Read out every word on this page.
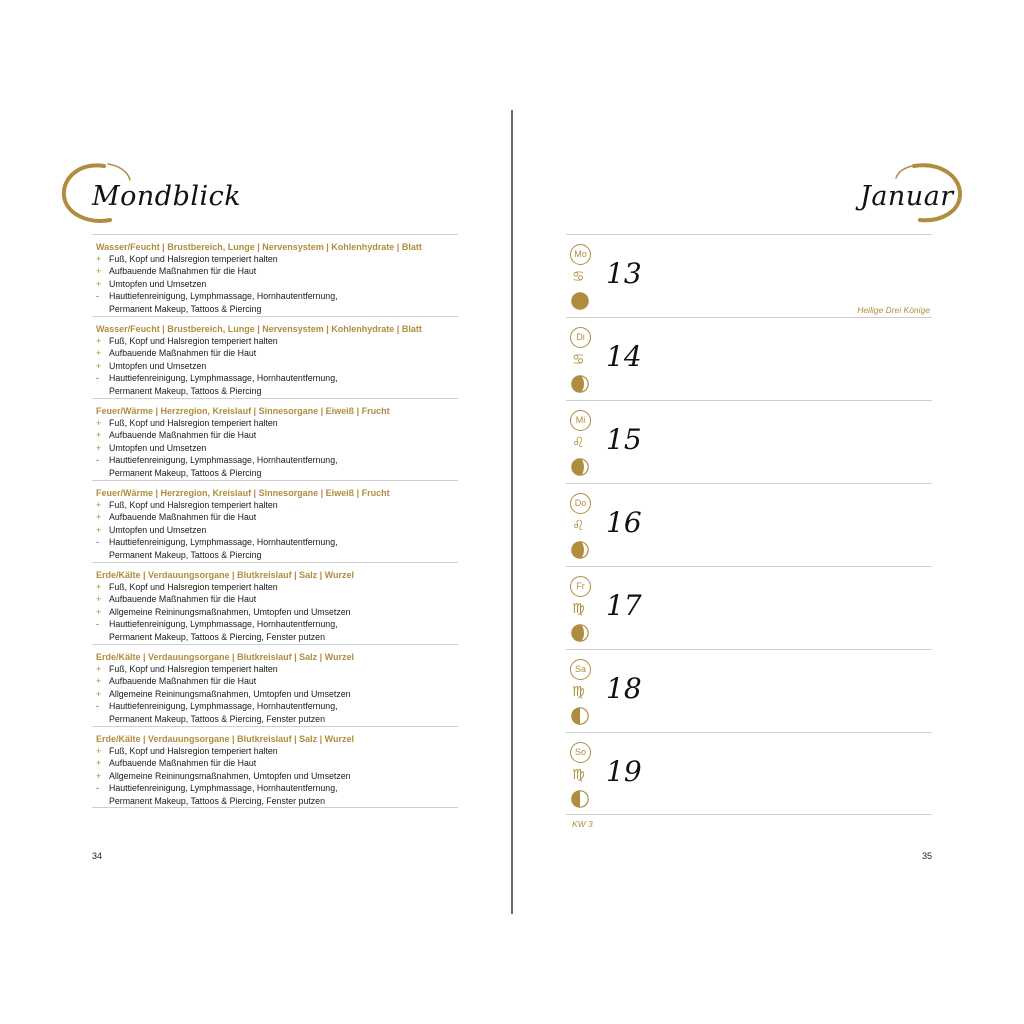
Mondblick	Januar
Wasser/Feucht | Brustbereich, Lunge | Nervensystem | Kohlenhydrate | Blatt
+ Fuß, Kopf und Halsregion temperiert halten
+ Aufbauende Maßnahmen für die Haut
+ Umtopfen und Umsetzen
- Hauttiefenreinigung, Lymphmassage, Hornhautentfernung,
Permanent Makeup, Tattoos & Piercing
Wasser/Feucht | Brustbereich, Lunge | Nervensystem | Kohlenhydrate | Blatt
+ Fuß, Kopf und Halsregion temperiert halten
+ Aufbauende Maßnahmen für die Haut
+ Umtopfen und Umsetzen
- Hauttiefenreinigung, Lymphmassage, Hornhautentfernung,
Permanent Makeup, Tattoos & Piercing
Feuer/Wärme | Herzregion, Kreislauf | Sinnesorgane | Eiweiß | Frucht
+ Fuß, Kopf und Halsregion temperiert halten
+ Aufbauende Maßnahmen für die Haut
+ Umtopfen und Umsetzen
- Hauttiefenreinigung, Lymphmassage, Hornhautentfernung,
Permanent Makeup, Tattoos & Piercing
Feuer/Wärme | Herzregion, Kreislauf | Sinnesorgane | Eiweiß | Frucht
+ Fuß, Kopf und Halsregion temperiert halten
+ Aufbauende Maßnahmen für die Haut
+ Umtopfen und Umsetzen
- Hauttiefenreinigung, Lymphmassage, Hornhautentfernung,
Permanent Makeup, Tattoos & Piercing
Erde/Kälte | Verdauungsorgane | Blutkreislauf | Salz | Wurzel
+ Fuß, Kopf und Halsregion temperiert halten
+ Aufbauende Maßnahmen für die Haut
+ Allgemeine Reininungsmaßnahmen, Umtopfen und Umsetzen
- Hauttiefenreinigung, Lymphmassage, Hornhautentfernung,
Permanent Makeup, Tattoos & Piercing, Fenster putzen
Erde/Kälte | Verdauungsorgane | Blutkreislauf | Salz | Wurzel
+ Fuß, Kopf und Halsregion temperiert halten
+ Aufbauende Maßnahmen für die Haut
+ Allgemeine Reininungsmaßnahmen, Umtopfen und Umsetzen
- Hauttiefenreinigung, Lymphmassage, Hornhautentfernung,
Permanent Makeup, Tattoos & Piercing, Fenster putzen
Erde/Kälte | Verdauungsorgane | Blutkreislauf | Salz | Wurzel
+ Fuß, Kopf und Halsregion temperiert halten
+ Aufbauende Maßnahmen für die Haut
+ Allgemeine Reininungsmaßnahmen, Umtopfen und Umsetzen
- Hauttiefenreinigung, Lymphmassage, Hornhautentfernung,
Permanent Makeup, Tattoos & Piercing, Fenster putzen
Mo
♋ 13
Heilige Drei Könige
Di
♋ 14
Mi
♌ 15
Do
♌ 16
Fr
♍ 17
Sa
♍ 18
So
♍ 19
KW 3
34	35
